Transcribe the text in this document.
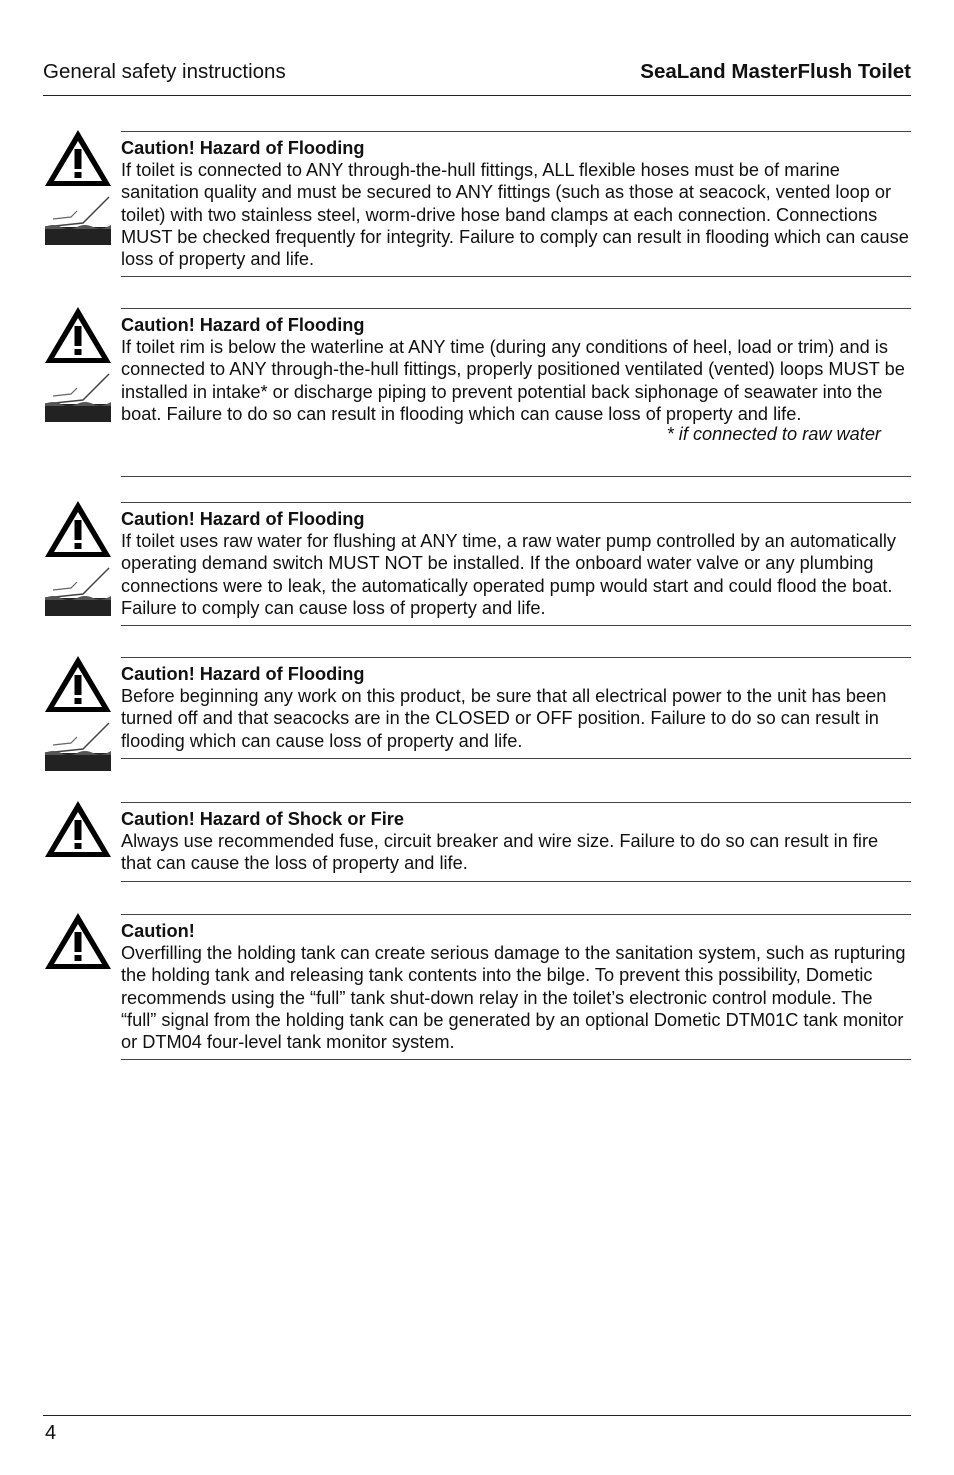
General safety instructions	SeaLand MasterFlush Toilet
Caution! Hazard of Flooding
If toilet is connected to ANY through-the-hull fittings, ALL flexible hoses must be of marine sanitation quality and must be secured to ANY fittings (such as those at seacock, vented loop or toilet) with two stainless steel, worm-drive hose band clamps at each connection. Connections MUST be checked frequently for integrity. Failure to comply can result in flooding which can cause loss of property and life.
Caution! Hazard of Flooding
If toilet rim is below the waterline at ANY time (during any conditions of heel, load or trim) and is connected to ANY through-the-hull fittings, properly positioned ventilated (vented) loops MUST be installed in intake* or discharge piping to prevent potential back siphonage of seawater into the boat. Failure to do so can result in flooding which can cause loss of property and life.
* if connected to raw water
Caution! Hazard of Flooding
If toilet uses raw water for flushing at ANY time, a raw water pump controlled by an automatically operating demand switch MUST NOT be installed. If the onboard water valve or any plumbing connections were to leak, the automatically operated pump would start and could flood the boat. Failure to comply can cause loss of property and life.
Caution! Hazard of Flooding
Before beginning any work on this product, be sure that all electrical power to the unit has been turned off and that seacocks are in the CLOSED or OFF position. Failure to do so can result in flooding which can cause loss of property and life.
Caution! Hazard of Shock or Fire
Always use recommended fuse, circuit breaker and wire size. Failure to do so can result in fire that can cause the loss of property and life.
Caution!
Overfilling the holding tank can create serious damage to the sanitation system, such as rupturing the holding tank and releasing tank contents into the bilge. To prevent this possibility, Dometic recommends using the “full” tank shut-down relay in the toilet’s electronic control module. The “full” signal from the holding tank can be generated by an optional Dometic DTM01C tank monitor or DTM04 four-level tank monitor system.
4
